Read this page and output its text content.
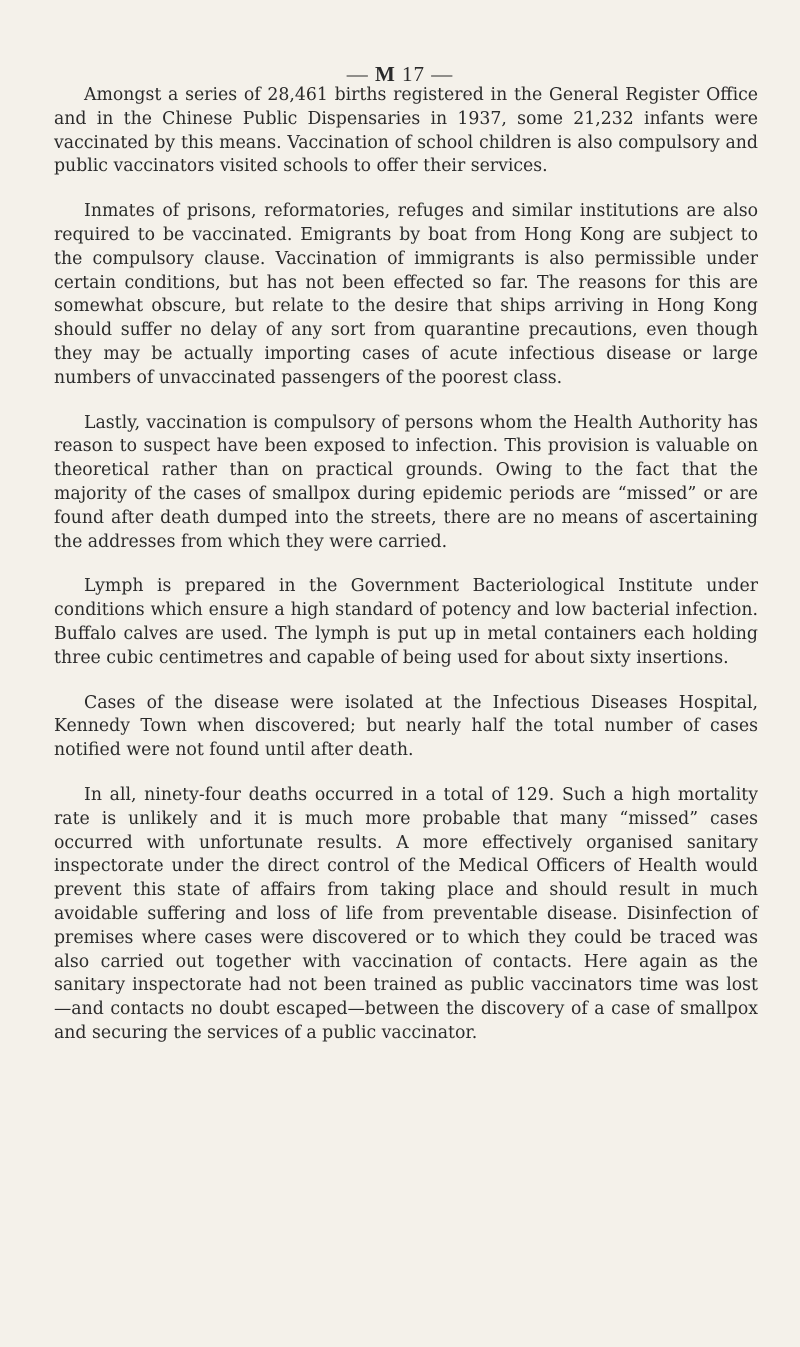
— M 17 —

Amongst a series of 28,461 births registered in the General Register Office and in the Chinese Public Dispensaries in 1937, some 21,232 infants were vaccinated by this means. Vaccination of school children is also compulsory and public vaccinators visited schools to offer their services.

Inmates of prisons, reformatories, refuges and similar institutions are also required to be vaccinated. Emigrants by boat from Hong Kong are subject to the compulsory clause. Vaccination of immigrants is also permissible under certain conditions, but has not been effected so far. The reasons for this are somewhat obscure, but relate to the desire that ships arriving in Hong Kong should suffer no delay of any sort from quarantine precautions, even though they may be actually importing cases of acute infectious disease or large numbers of unvaccinated passengers of the poorest class.

Lastly, vaccination is compulsory of persons whom the Health Authority has reason to suspect have been exposed to infection. This provision is valuable on theoretical rather than on practical grounds. Owing to the fact that the majority of the cases of smallpox during epidemic periods are “missed” or are found after death dumped into the streets, there are no means of ascertaining the addresses from which they were carried.

Lymph is prepared in the Government Bacteriological Institute under conditions which ensure a high standard of potency and low bacterial infection. Buffalo calves are used. The lymph is put up in metal containers each holding three cubic centimetres and capable of being used for about sixty insertions.

Cases of the disease were isolated at the Infectious Diseases Hospital, Kennedy Town when discovered; but nearly half the total number of cases notified were not found until after death.

In all, ninety-four deaths occurred in a total of 129. Such a high mortality rate is unlikely and it is much more probable that many “missed” cases occurred with unfortunate results. A more effectively organised sanitary inspectorate under the direct control of the Medical Officers of Health would prevent this state of affairs from taking place and should result in much avoidable suffering and loss of life from preventable disease. Disinfection of premises where cases were discovered or to which they could be traced was also carried out together with vaccination of contacts. Here again as the sanitary inspectorate had not been trained as public vaccinators time was lost—and contacts no doubt escaped—between the discovery of a case of smallpox and securing the services of a public vaccinator.
